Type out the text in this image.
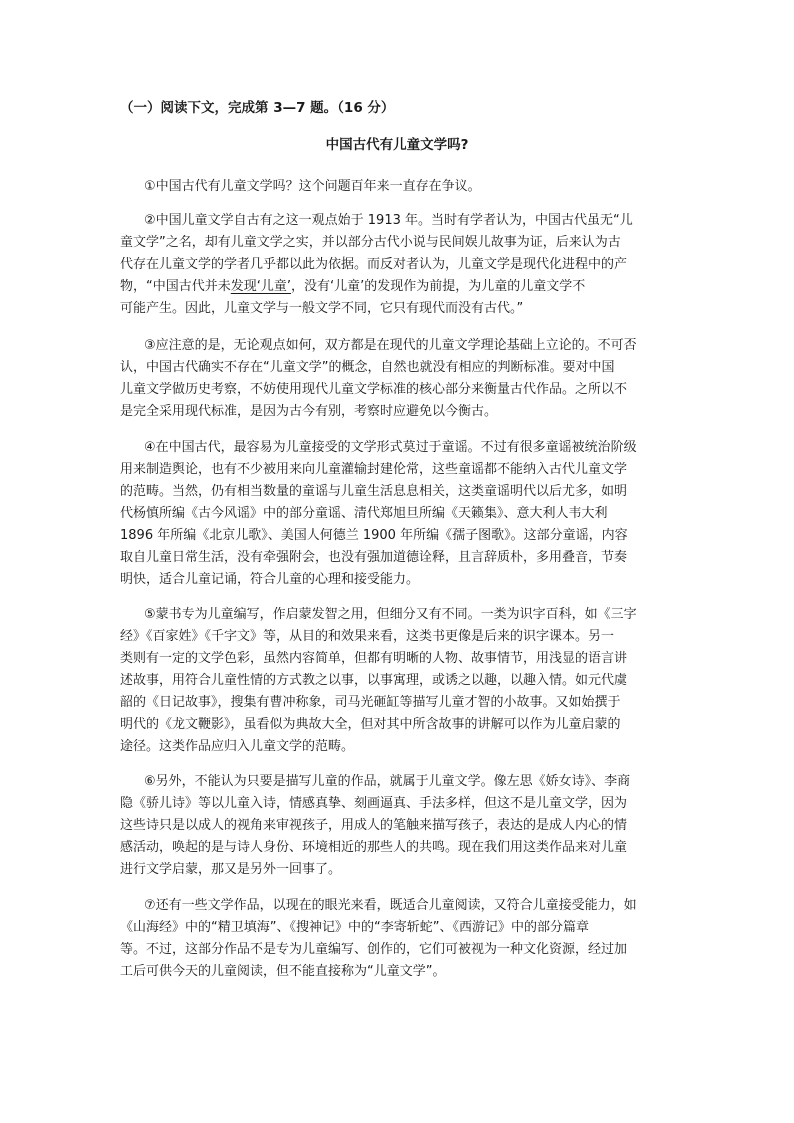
（一）阅读下文，完成第 3—7 题。（16 分）
中国古代有儿童文学吗?
①中国古代有儿童文学吗？这个问题百年来一直存在争议。
②中国儿童文学自古有之这一观点始于 1913 年。当时有学者认为，中国古代虽无“儿
童文学”之名，却有儿童文学之实，并以部分古代小说与民间娱儿故事为证，后来认为古
代存在儿童文学的学者几乎都以此为依据。而反对者认为，儿童文学是现代化进程中的产
物，“中国古代并未发现‘儿童’，没有‘儿童’的发现作为前提，为儿童的儿童文学不
可能产生。因此，儿童文学与一般文学不同，它只有现代而没有古代。”
③应注意的是，无论观点如何，双方都是在现代的儿童文学理论基础上立论的。不可否
认，中国古代确实不存在“儿童文学”的概念，自然也就没有相应的判断标准。要对中国
儿童文学做历史考察，不妨使用现代儿童文学标准的核心部分来衡量古代作品。之所以不
是完全采用现代标准，是因为古今有别，考察时应避免以今衡古。
④在中国古代，最容易为儿童接受的文学形式莫过于童谣。不过有很多童谣被统治阶级
用来制造舆论，也有不少被用来向儿童灌输封建伦常，这些童谣都不能纳入古代儿童文学
的范畴。当然，仍有相当数量的童谣与儿童生活息息相关，这类童谣明代以后尤多，如明
代杨慎所编《古今风谣》中的部分童谣、清代郑旭旦所编《天籁集》、意大利人韦大利
1896 年所编《北京儿歌》、美国人何德兰 1900 年所编《孺子图歌》。这部分童谣，内容
取自儿童日常生活，没有牵强附会，也没有强加道德诠释，且言辞质朴，多用叠音，节奏
明快，适合儿童记诵，符合儿童的心理和接受能力。
⑤蒙书专为儿童编写，作启蒙发智之用，但细分又有不同。一类为识字百科，如《三字
经》《百家姓》《千字文》等，从目的和效果来看，这类书更像是后来的识字课本。另一
类则有一定的文学色彩，虽然内容简单，但都有明晰的人物、故事情节，用浅显的语言讲
述故事，用符合儿童性情的方式教之以事，以事寓理，或诱之以趣，以趣入情。如元代虞
韶的《日记故事》，搜集有曹冲称象，司马光砸缸等描写儿童才智的小故事。又如始撰于
明代的《龙文鞭影》，虽看似为典故大全，但对其中所含故事的讲解可以作为儿童启蒙的
途径。这类作品应归入儿童文学的范畴。
⑥另外，不能认为只要是描写儿童的作品，就属于儿童文学。像左思《娇女诗》、李商
隐《骄儿诗》等以儿童入诗，情感真挚、刻画逼真、手法多样，但这不是儿童文学，因为
这些诗只是以成人的视角来审视孩子，用成人的笔触来描写孩子，表达的是成人内心的情
感活动，唤起的是与诗人身份、环境相近的那些人的共鸣。现在我们用这类作品来对儿童
进行文学启蒙，那又是另外一回事了。
⑦还有一些文学作品，以现在的眼光来看，既适合儿童阅读，又符合儿童接受能力，如
《山海经》中的“精卫填海”、《搜神记》中的“李寄斩蛇”、《西游记》中的部分篇章
等。不过，这部分作品不是专为儿童编写、创作的，它们可被视为一种文化资源，经过加
工后可供今天的儿童阅读，但不能直接称为“儿童文学”。
